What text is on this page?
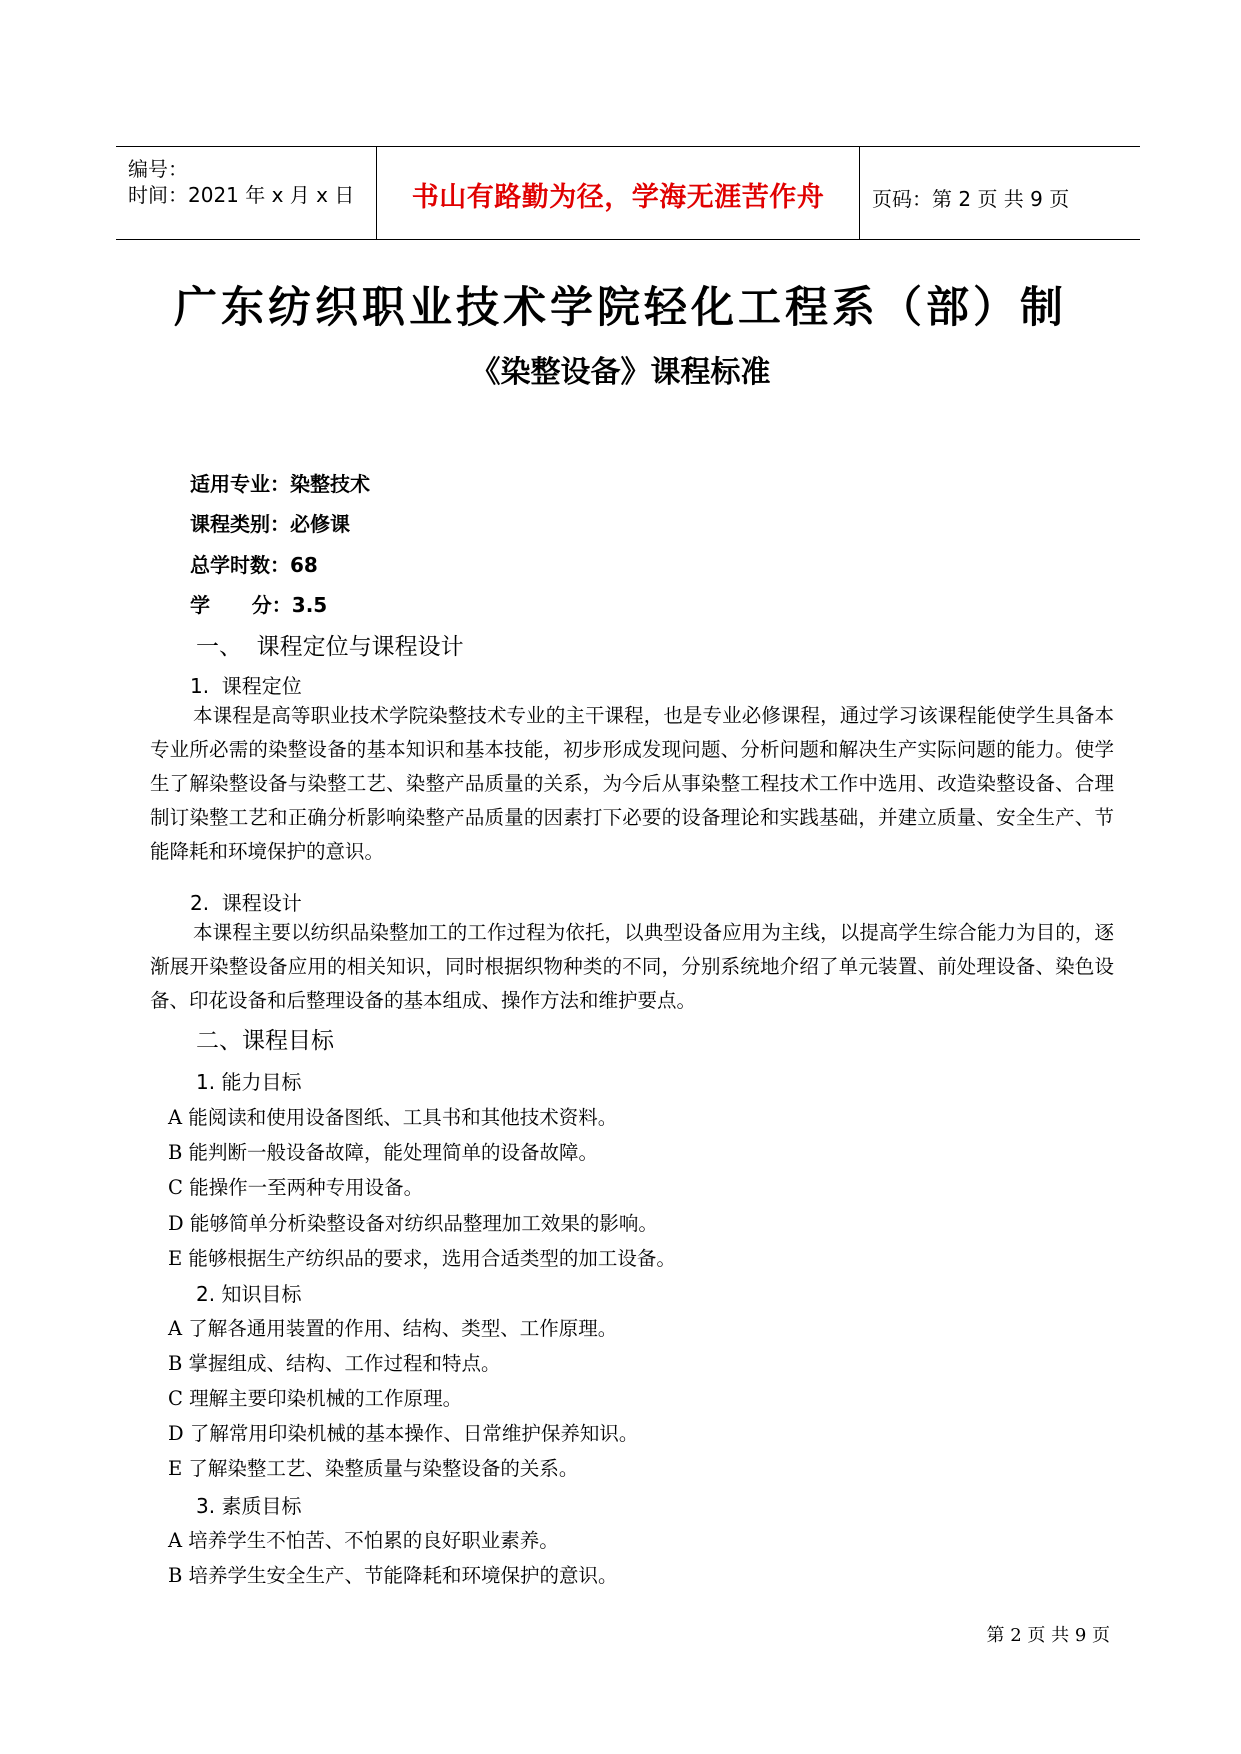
编号：
时间：2021 年 x 月 x 日	书山有路勤为径，学海无涯苦作舟	页码：第 2 页 共 9 页
广东纺织职业技术学院轻化工程系（部）制
《染整设备》课程标准
适用专业：染整技术
课程类别：必修课
总学时数：68
学      分：3.5
一、  课程定位与课程设计
1.  课程定位
本课程是高等职业技术学院染整技术专业的主干课程，也是专业必修课程，通过学习该课程能使学生具备本专业所必需的染整设备的基本知识和基本技能，初步形成发现问题、分析问题和解决生产实际问题的能力。使学生了解染整设备与染整工艺、染整产品质量的关系，为今后从事染整工程技术工作中选用、改造染整设备、合理制订染整工艺和正确分析影响染整产品质量的因素打下必要的设备理论和实践基础，并建立质量、安全生产、节能降耗和环境保护的意识。
2.  课程设计
本课程主要以纺织品染整加工的工作过程为依托，以典型设备应用为主线，以提高学生综合能力为目的，逐渐展开染整设备应用的相关知识，同时根据织物种类的不同，分别系统地介绍了单元装置、前处理设备、染色设备、印花设备和后整理设备的基本组成、操作方法和维护要点。
二、课程目标
1. 能力目标
A 能阅读和使用设备图纸、工具书和其他技术资料。
B 能判断一般设备故障，能处理简单的设备故障。
C 能操作一至两种专用设备。
D 能够简单分析染整设备对纺织品整理加工效果的影响。
E 能够根据生产纺织品的要求，选用合适类型的加工设备。
2. 知识目标
A 了解各通用装置的作用、结构、类型、工作原理。
B 掌握组成、结构、工作过程和特点。
C 理解主要印染机械的工作原理。
D 了解常用印染机械的基本操作、日常维护保养知识。
E 了解染整工艺、染整质量与染整设备的关系。
3. 素质目标
A 培养学生不怕苦、不怕累的良好职业素养。
B 培养学生安全生产、节能降耗和环境保护的意识。
第 2 页 共 9 页
